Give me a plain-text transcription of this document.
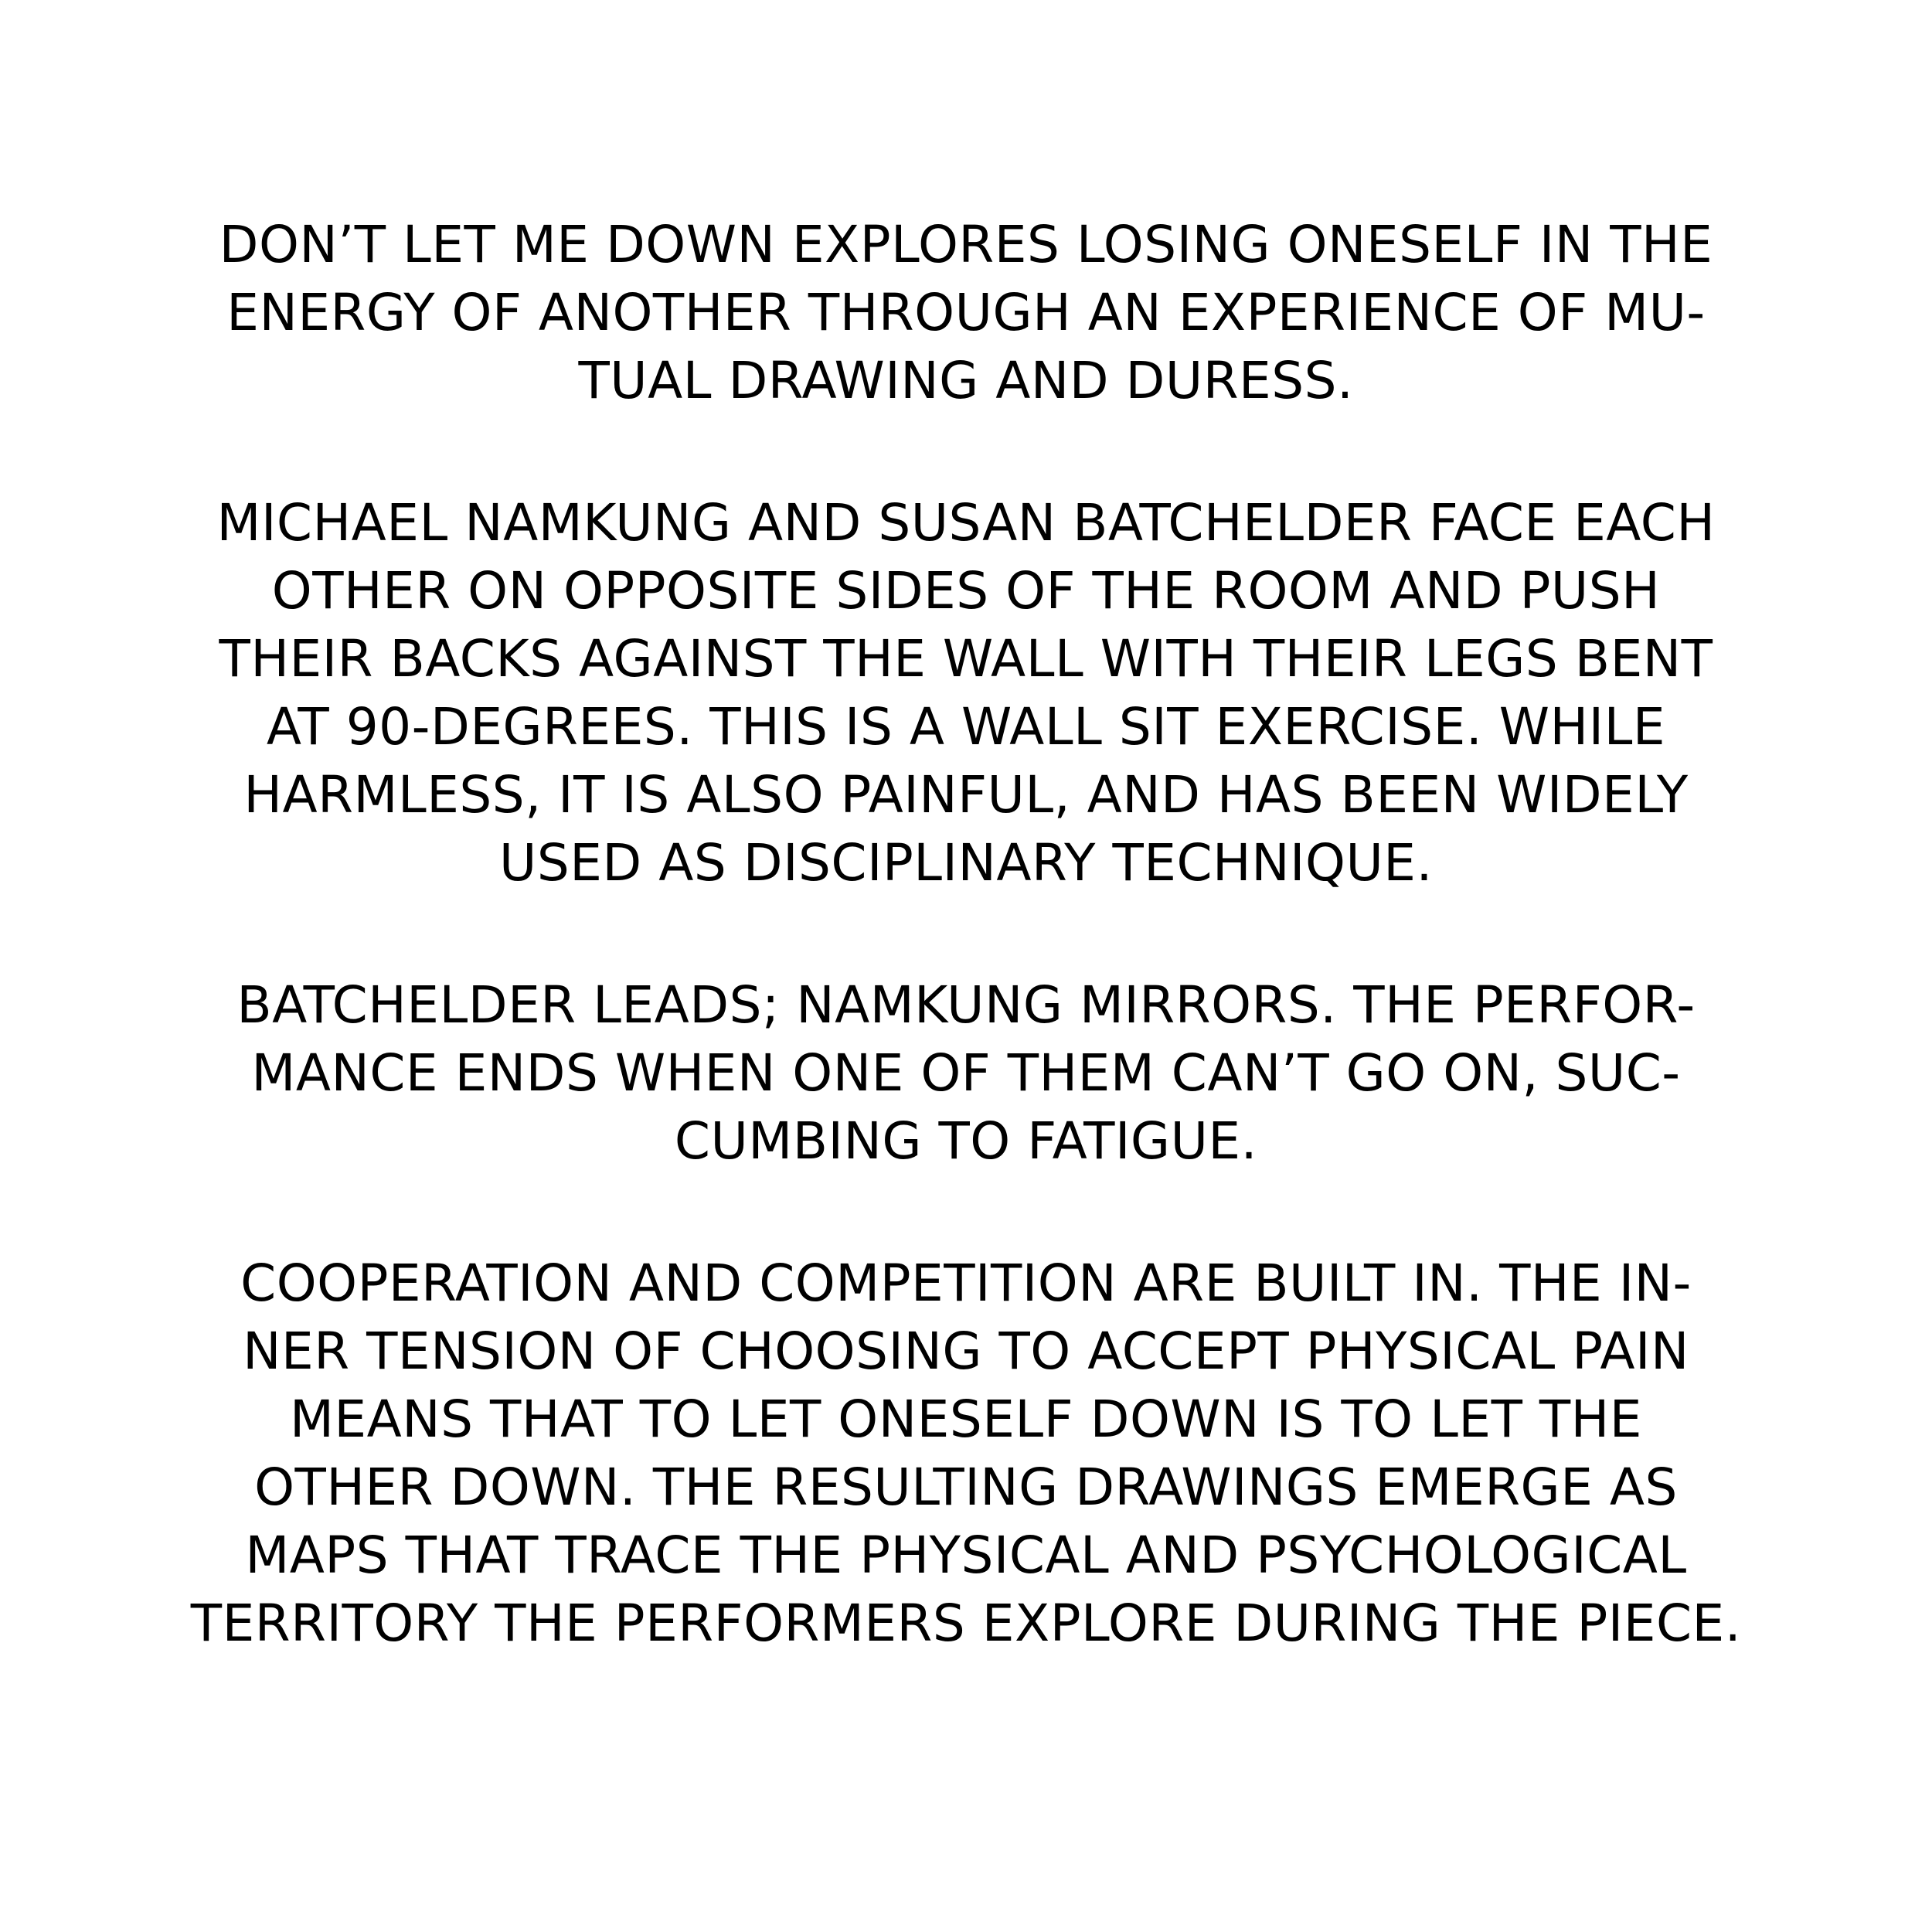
DON’T LET ME DOWN EXPLORES LOSING ONESELF IN THE
ENERGY OF ANOTHER THROUGH AN EXPERIENCE OF MU-
TUAL DRAWING AND DURESS.

MICHAEL NAMKUNG AND SUSAN BATCHELDER FACE EACH
OTHER ON OPPOSITE SIDES OF THE ROOM AND PUSH
THEIR BACKS AGAINST THE WALL WITH THEIR LEGS BENT
AT 90-DEGREES. THIS IS A WALL SIT EXERCISE. WHILE
HARMLESS, IT IS ALSO PAINFUL, AND HAS BEEN WIDELY
USED AS DISCIPLINARY TECHNIQUE.

BATCHELDER LEADS; NAMKUNG MIRRORS. THE PERFOR-
MANCE ENDS WHEN ONE OF THEM CAN’T GO ON, SUC-
CUMBING TO FATIGUE.

COOPERATION AND COMPETITION ARE BUILT IN. THE IN-
NER TENSION OF CHOOSING TO ACCEPT PHYSICAL PAIN
MEANS THAT TO LET ONESELF DOWN IS TO LET THE
OTHER DOWN. THE RESULTING DRAWINGS EMERGE AS
MAPS THAT TRACE THE PHYSICAL AND PSYCHOLOGICAL
TERRITORY THE PERFORMERS EXPLORE DURING THE PIECE.
